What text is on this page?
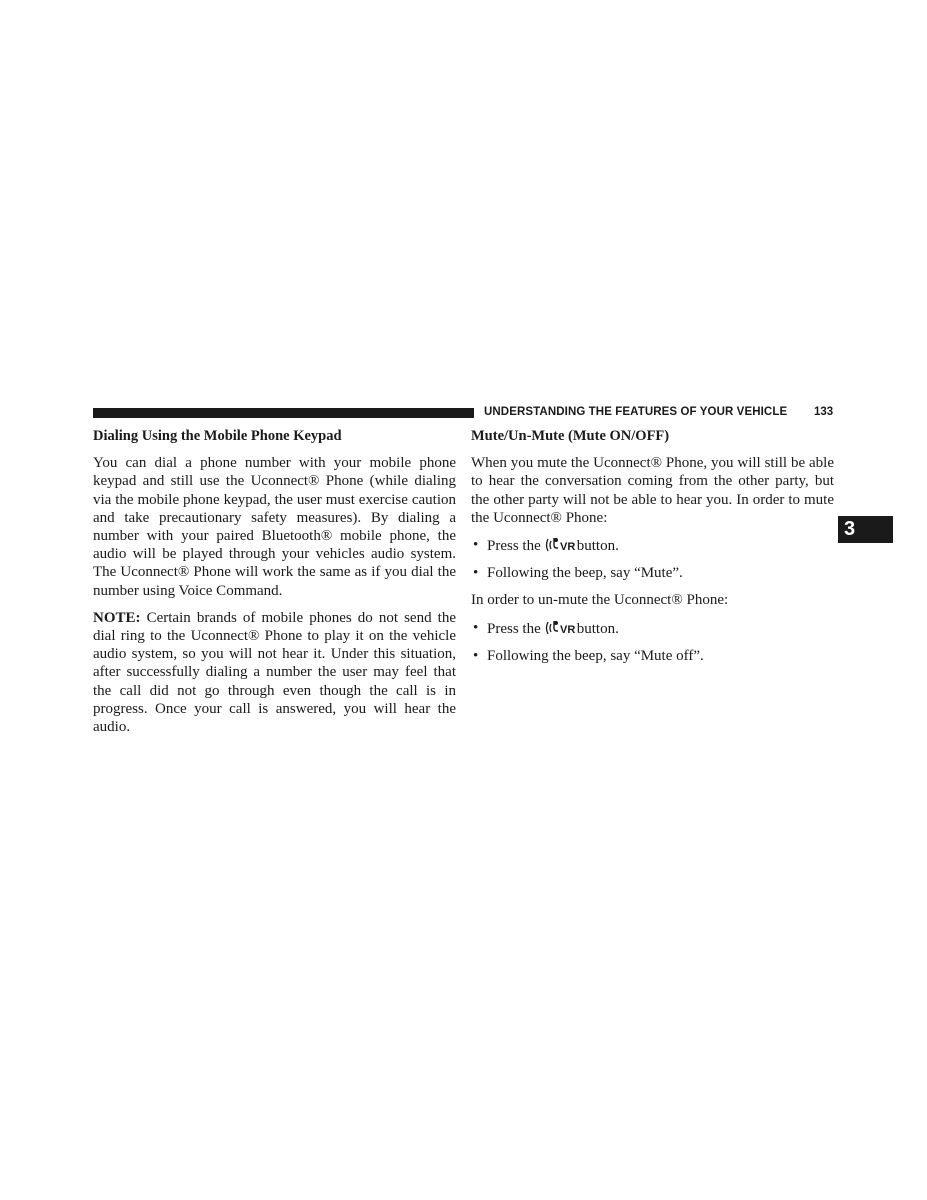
UNDERSTANDING THE FEATURES OF YOUR VEHICLE 133
3
Dialing Using the Mobile Phone Keypad

You can dial a phone number with your mobile phone keypad and still use the Uconnect® Phone (while dialing via the mobile phone keypad, the user must exercise caution and take precautionary safety measures). By dialing a number with your paired Bluetooth® mobile phone, the audio will be played through your vehicles audio system. The Uconnect® Phone will work the same as if you dial the number using Voice Command.

NOTE: Certain brands of mobile phones do not send the dial ring to the Uconnect® Phone to play it on the vehicle audio system, so you will not hear it. Under this situation, after successfully dialing a number the user may feel that the call did not go through even though the call is in progress. Once your call is answered, you will hear the audio.

Mute/Un-Mute (Mute ON/OFF)

When you mute the Uconnect® Phone, you will still be able to hear the conversation coming from the other party, but the other party will not be able to hear you. In order to mute the Uconnect® Phone:

• Press the VR button.
• Following the beep, say “Mute”.

In order to un-mute the Uconnect® Phone:

• Press the VR button.
• Following the beep, say “Mute off”.
